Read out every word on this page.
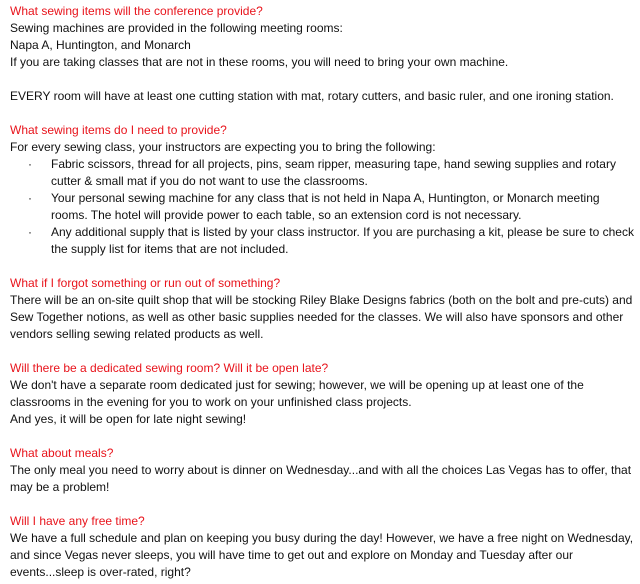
What sewing items will the conference provide?

Sewing machines are provided in the following meeting rooms:

Napa A, Huntington, and Monarch

If you are taking classes that are not in these rooms, you will need to bring your own machine.

EVERY room will have at least one cutting station with mat, rotary cutters, and basic ruler, and one ironing station.

What sewing items do I need to provide?

For every sewing class, your instructors are expecting you to bring the following:

· Fabric scissors, thread for all projects, pins, seam ripper, measuring tape, hand sewing supplies and rotary cutter & small mat if you do not want to use the classrooms.
· Your personal sewing machine for any class that is not held in Napa A, Huntington, or Monarch meeting rooms. The hotel will provide power to each table, so an extension cord is not necessary.
· Any additional supply that is listed by your class instructor. If you are purchasing a kit, please be sure to check the supply list for items that are not included.

What if I forgot something or run out of something?

There will be an on-site quilt shop that will be stocking Riley Blake Designs fabrics (both on the bolt and pre-cuts) and Sew Together notions, as well as other basic supplies needed for the classes. We will also have sponsors and other vendors selling sewing related products as well.

Will there be a dedicated sewing room? Will it be open late?

We don't have a separate room dedicated just for sewing; however, we will be opening up at least one of the classrooms in the evening for you to work on your unfinished class projects.

And yes, it will be open for late night sewing!

What about meals?

The only meal you need to worry about is dinner on Wednesday...and with all the choices Las Vegas has to offer, that may be a problem!

Will I have any free time?

We have a full schedule and plan on keeping you busy during the day! However, we have a free night on Wednesday, and since Vegas never sleeps, you will have time to get out and explore on Monday and Tuesday after our events...sleep is over-rated, right?
